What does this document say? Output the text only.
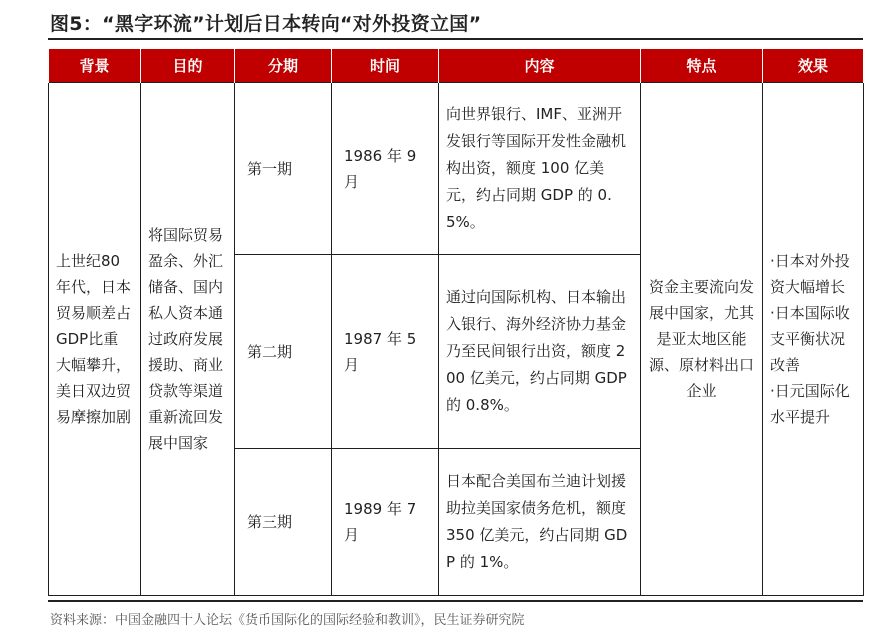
图5：“黑字环流”计划后日本转向“对外投资立国”
背景	目的	分期	时间	内容	特点	效果
上世纪80年代，日本贸易顺差占GDP比重大幅攀升，美日双边贸易摩擦加剧	将国际贸易盈余、外汇储备、国内私人资本通过政府发展援助、商业贷款等渠道重新流回发展中国家	第一期	1986 年 9 月	向世界银行、IMF、亚洲开发银行等国际开发性金融机构出资，额度 100 亿美元，约占同期 GDP 的 0.5%。	资金主要流向发展中国家，尤其是亚太地区能源、原材料出口企业	·日本对外投资大幅增长
·日本国际收支平衡状况改善
·日元国际化水平提升

		第二期	1987 年 5 月	通过向国际机构、日本输出入银行、海外经济协力基金乃至民间银行出资，额度 200 亿美元，约占同期 GDP 的 0.8%。		
		第三期	1989 年 7 月	日本配合美国布兰迪计划援助拉美国家债务危机，额度 350 亿美元，约占同期 GDP 的 1%。		
资料来源：中国金融四十人论坛《货币国际化的国际经验和教训》，民生证券研究院
